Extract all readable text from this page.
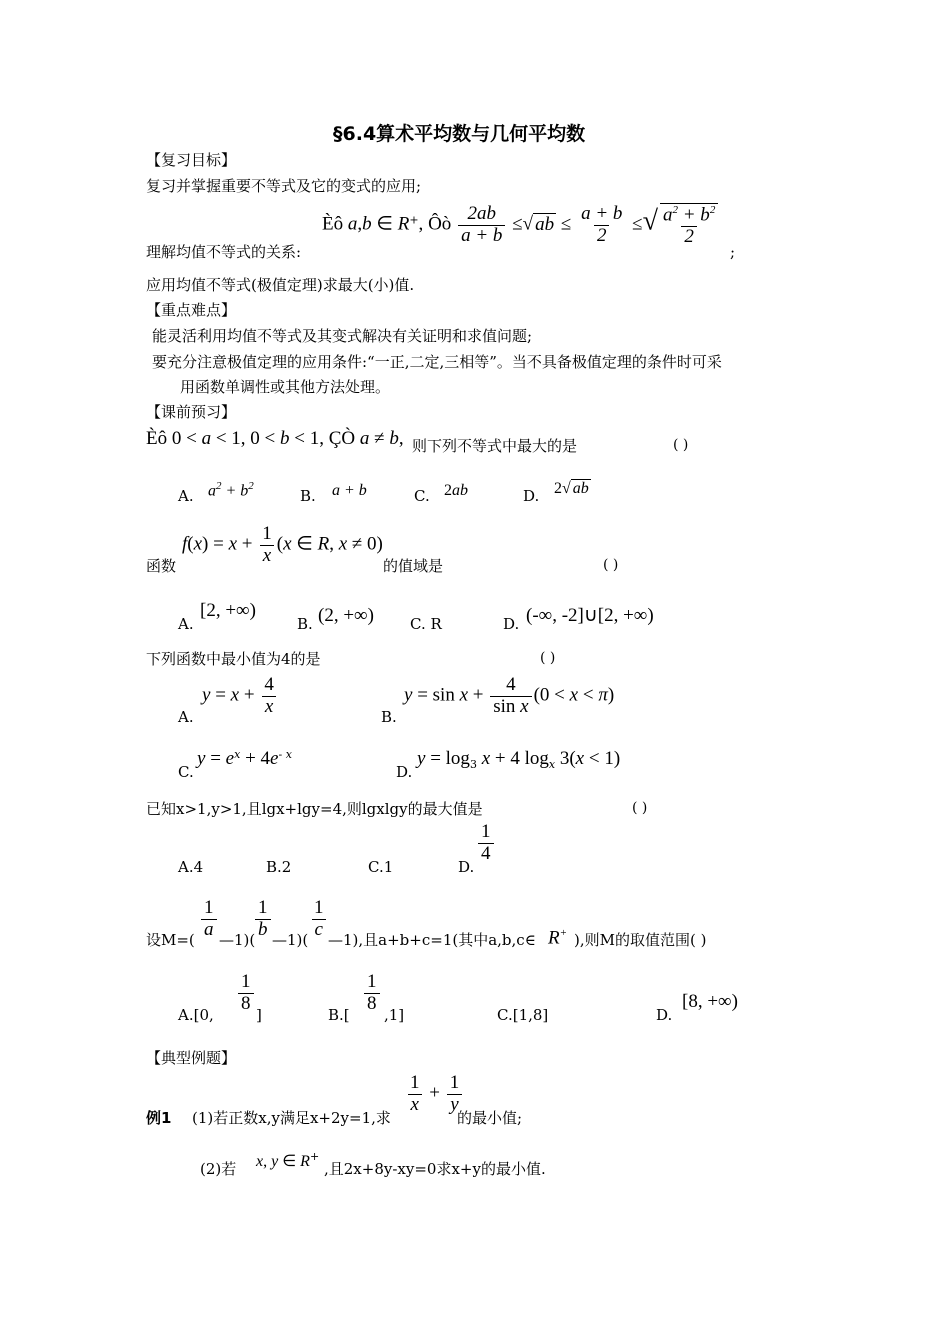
§6.4算术平均数与几何平均数
【复习目标】
复习并掌握重要不等式及它的变式的应用;
理解均值不等式的关系:
Èô a,b ∈ R+, Ôò $\frac{2ab}{a + b}$ ≤√ ab ≤ $\frac{a + b}{2}$ ≤√ $\frac{a^2 + b^2}{2}$
;
应用均值不等式(极值定理)求最大(小)值.
【重点难点】
能灵活利用均值不等式及其变式解决有关证明和求值问题;
要充分注意极值定理的应用条件:“一正,二定,三相等”。当不具备极值定理的条件时可采
用函数单调性或其他方法处理。
【课前预习】
Èô 0 < a < 1, 0 < b < 1, ÇÒ a ≠ b, 则下列不等式中最大的是	( )
A. $a^2 + b^2$
B. a + b	C. 2ab	D. 2√ ab
函数
$f(x) = x + \frac{1}{x} (x$ ∈ R, x ≠ 0)
的值域是	( )
A.
[2, +∞)
B. (2, +∞) C. R	D. (-∞, -2]∪[2, +∞)
下列函数中最小值为4的是	( )
A.
$y = x + \frac{4}{x}$	B.
$y = \sin x + \frac{4}{\text{sin x}} (0 < x < \pi)$
C.
$y = e^x + 4e^{- x}$
D.
$y = \log_3 x + 4$ $\log_x 3(x < 1)$
已知x>1,y>1,且lgx+lgy=4,则lgxlgy的最大值是	( )
A.4	B.2	C.1	D.
$\frac{1}{4}$
设$M=( \frac{1}{a}$ —1)( $\frac{1}{b}$ —1)( $\frac{1}{c}$ —1),且a+b+c=1(其中a,b,c∈ R+ ),则M的取值范围( )
A.[0,
$\frac{1}{8}$
]	B.[
$\frac{1}{8}$
,1]	C.[1,8]	D.
[8, +∞)
【典型例题】
例1 (1)若正数x,y满足x+2y=1,求
$\frac{1}{x} + \frac{1}{y}$
的最小值;
(2)若 x, y ∈ R+
,且2x+8y-xy=0求x+y的最小值.
